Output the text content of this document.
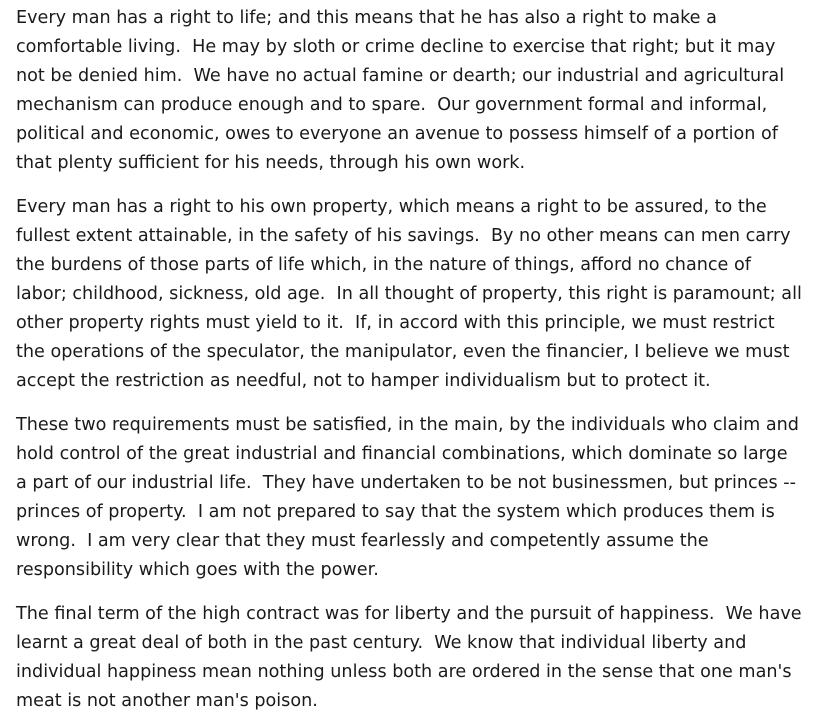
Every man has a right to life; and this means that he has also a right to make a
comfortable living.  He may by sloth or crime decline to exercise that right; but it may
not be denied him.  We have no actual famine or dearth; our industrial and agricultural
mechanism can produce enough and to spare.  Our government formal and informal,
political and economic, owes to everyone an avenue to possess himself of a portion of
that plenty sufficient for his needs, through his own work.

Every man has a right to his own property, which means a right to be assured, to the
fullest extent attainable, in the safety of his savings.  By no other means can men carry
the burdens of those parts of life which, in the nature of things, afford no chance of
labor; childhood, sickness, old age.  In all thought of property, this right is paramount; all
other property rights must yield to it.  If, in accord with this principle, we must restrict
the operations of the speculator, the manipulator, even the financier, I believe we must
accept the restriction as needful, not to hamper individualism but to protect it.

These two requirements must be satisfied, in the main, by the individuals who claim and
hold control of the great industrial and financial combinations, which dominate so large
a part of our industrial life.  They have undertaken to be not businessmen, but princes --
princes of property.  I am not prepared to say that the system which produces them is
wrong.  I am very clear that they must fearlessly and competently assume the
responsibility which goes with the power.

The final term of the high contract was for liberty and the pursuit of happiness.  We have
learnt a great deal of both in the past century.  We know that individual liberty and
individual happiness mean nothing unless both are ordered in the sense that one man's
meat is not another man's poison.
